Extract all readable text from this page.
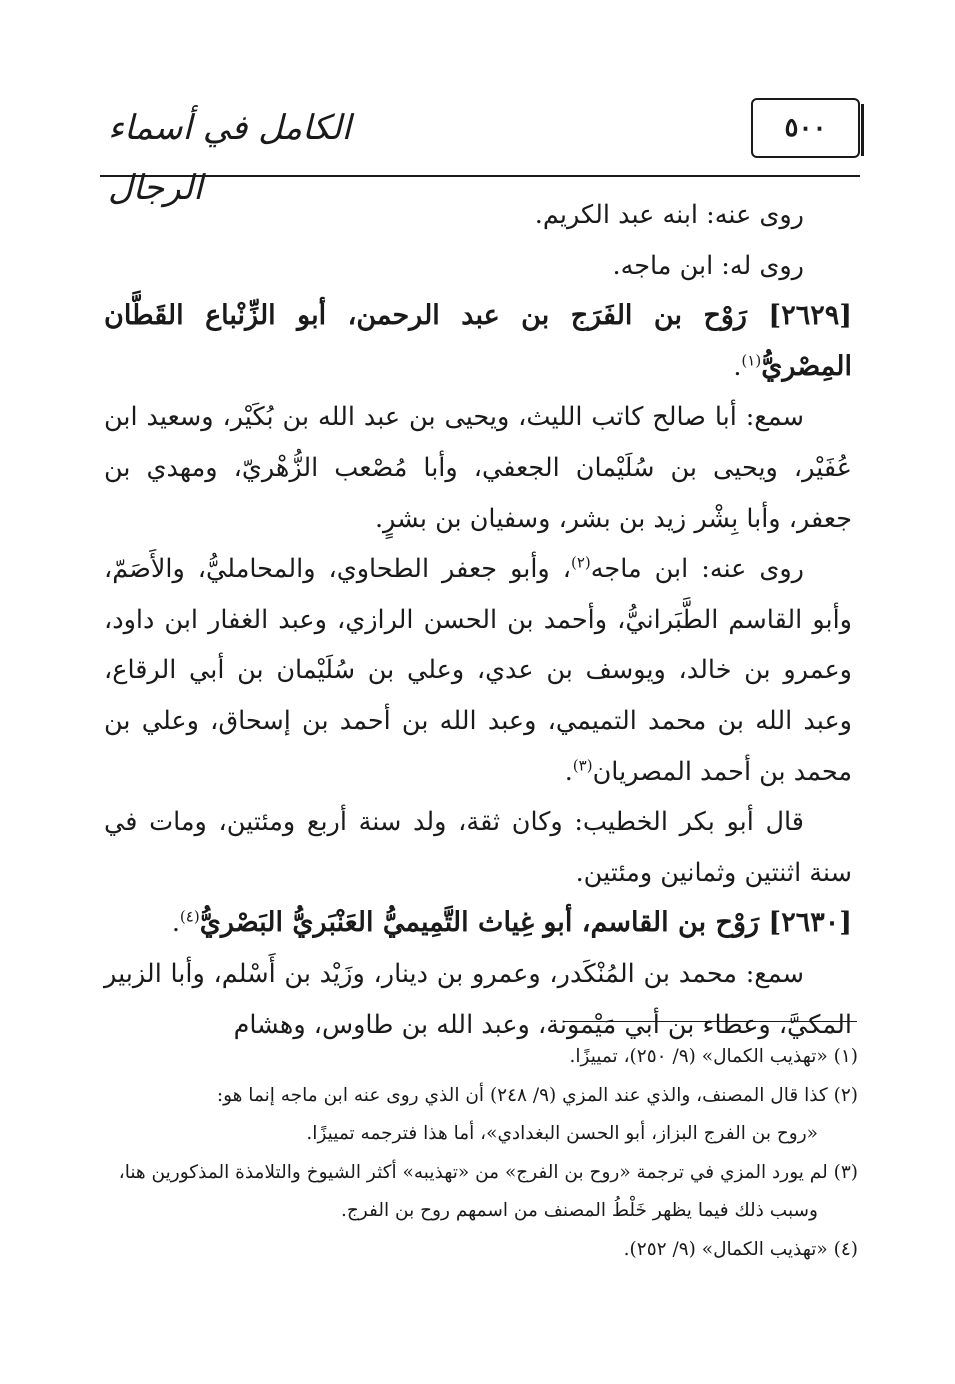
الكامل في أسماء الرجال
٥٠٠

روى عنه: ابنه عبد الكريم.

روى له: ابن ماجه.

[٢٦٢٩] رَوْح بن الفَرَج بن عبد الرحمن، أبو الزِّنْباع القَطَّان المِصْريُّ$^{(١)}$.

سمع: أبا صالح كاتب الليث، ويحيى بن عبد الله بن بُكَيْر، وسعيد ابن عُفَيْر، ويحيى بن سُلَيْمان الجعفي، وأبا مُصْعب الزُّهْريّ، ومهدي بن جعفر، وأبا بِشْر زيد بن بشر، وسفيان بن بشرٍ.

روى عنه: ابن ماجه$^{(٢)}$، وأبو جعفر الطحاوي، والمحامليُّ، والأَصَمّ، وأبو القاسم الطَّبَرانيُّ، وأحمد بن الحسن الرازي، وعبد الغفار ابن داود، وعمرو بن خالد، ويوسف بن عدي، وعلي بن سُلَيْمان بن أبي الرقاع، وعبد الله بن محمد التميمي، وعبد الله بن أحمد بن إسحاق، وعلي بن محمد بن أحمد المصريان$^{(٣)}$.

قال أبو بكر الخطيب: وكان ثقة، ولد سنة أربع ومئتين، ومات في سنة اثنتين وثمانين ومئتين.

[٢٦٣٠] رَوْح بن القاسم، أبو غِياث التَّمِيميُّ العَنْبَريُّ البَصْريُّ$^{(٤)}$.

سمع: محمد بن المُنْكَدر، وعمرو بن دينار، وزَيْد بن أَسْلم، وأبا الزبير المكيَّ، وعطاء بن أبي مَيْمونة، وعبد الله بن طاوس، وهشام

(١) «تهذيب الكمال» (٩/ ٢٥٠)، تمييزًا.

(٢) كذا قال المصنف، والذي عند المزي (٩/ ٢٤٨) أن الذي روى عنه ابن ماجه إنما هو:

«روح بن الفرج البزاز، أبو الحسن البغدادي»، أما هذا فترجمه تمييزًا.

(٣) لم يورد المزي في ترجمة «روح بن الفرج» من «تهذيبه» أكثر الشيوخ والتلامذة المذكورين هنا،

وسبب ذلك فيما يظهر خَلْطُ المصنف من اسمهم روح بن الفرج.

(٤) «تهذيب الكمال» (٩/ ٢٥٢).
